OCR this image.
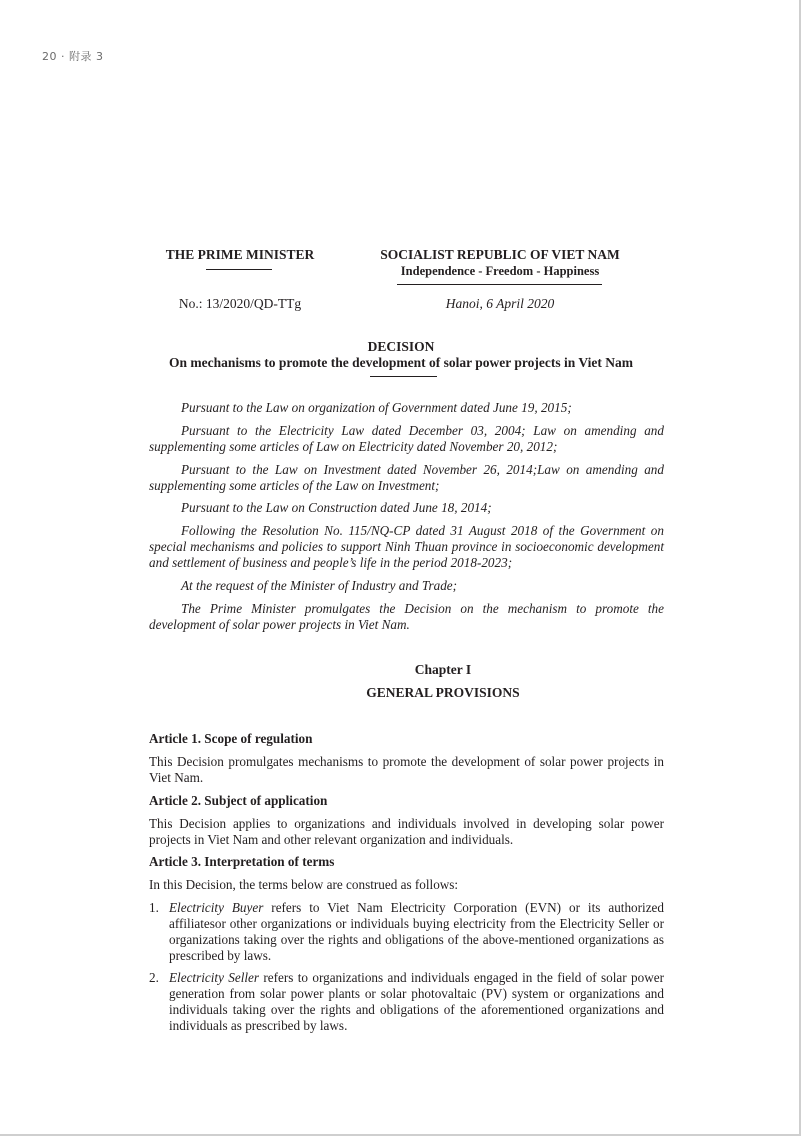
20 · 附录 3
THE PRIME MINISTER	SOCIALIST REPUBLIC OF VIET NAM
Independence - Freedom - Happiness
No.: 13/2020/QD-TTg	Hanoi, 6 April 2020
DECISION
On mechanisms to promote the development of solar power projects in Viet Nam

Pursuant to the Law on organization of Government dated June 19, 2015;

Pursuant to the Electricity Law dated December 03, 2004; Law on amending and supplementing some articles of Law on Electricity dated November 20, 2012;

Pursuant to the Law on Investment dated November 26, 2014;Law on amending and supplementing some articles of the Law on Investment;

Pursuant to the Law on Construction dated June 18, 2014;

Following the Resolution No. 115/NQ-CP dated 31 August 2018 of the Government on special mechanisms and policies to support Ninh Thuan province in socioeconomic development and settlement of business and people’s life in the period 2018-2023;

At the request of the Minister of Industry and Trade;

The Prime Minister promulgates the Decision on the mechanism to promote the development of solar power projects in Viet Nam.

Chapter I
GENERAL PROVISIONS

Article 1. Scope of regulation

This Decision promulgates mechanisms to promote the development of solar power projects in Viet Nam.

Article 2. Subject of application

This Decision applies to organizations and individuals involved in developing solar power projects in Viet Nam and other relevant organization and individuals.

Article 3. Interpretation of terms

In this Decision, the terms below are construed as follows:

1. Electricity Buyer refers to Viet Nam Electricity Corporation (EVN) or its authorized affiliatesor other organizations or individuals buying electricity from the Electricity Seller or organizations taking over the rights and obligations of the above-mentioned organizations as prescribed by laws.
2. Electricity Seller refers to organizations and individuals engaged in the field of solar power generation from solar power plants or solar photovaltaic (PV) system or organizations and individuals taking over the rights and obligations of the aforementioned organizations and individuals as prescribed by laws.
